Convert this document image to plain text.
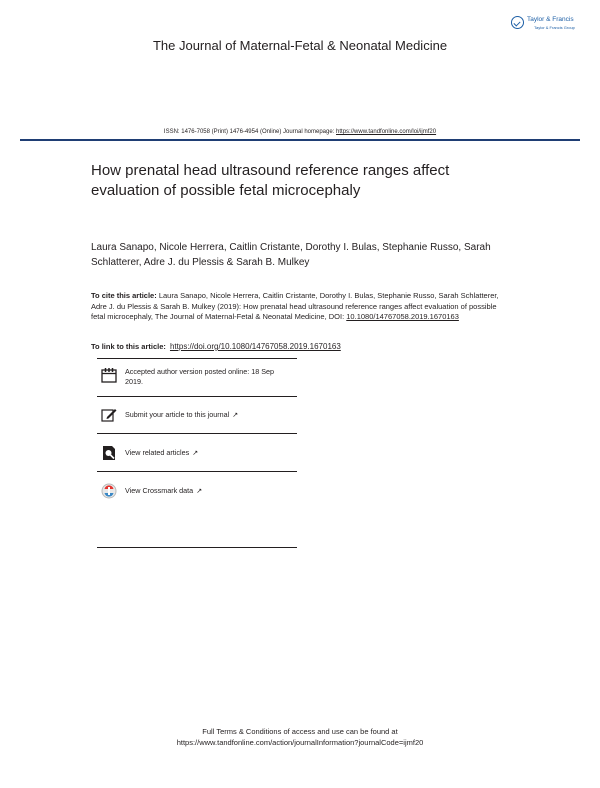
Taylor & Francis
Taylor & Francis Group
The Journal of Maternal-Fetal & Neonatal Medicine
ISSN: 1476-7058 (Print) 1476-4954 (Online) Journal homepage: https://www.tandfonline.com/loi/ijmf20
How prenatal head ultrasound reference ranges affect evaluation of possible fetal microcephaly
Laura Sanapo, Nicole Herrera, Caitlin Cristante, Dorothy I. Bulas, Stephanie Russo, Sarah Schlatterer, Adre J. du Plessis & Sarah B. Mulkey
To cite this article: Laura Sanapo, Nicole Herrera, Caitlin Cristante, Dorothy I. Bulas, Stephanie Russo, Sarah Schlatterer, Adre J. du Plessis & Sarah B. Mulkey (2019): How prenatal head ultrasound reference ranges affect evaluation of possible fetal microcephaly, The Journal of Maternal-Fetal & Neonatal Medicine, DOI: 10.1080/14767058.2019.1670163
To link to this article: https://doi.org/10.1080/14767058.2019.1670163
Accepted author version posted online: 18 Sep 2019.
Submit your article to this journal ↗
View related articles ↗
View Crossmark data ↗
Full Terms & Conditions of access and use can be found at
https://www.tandfonline.com/action/journalInformation?journalCode=ijmf20
